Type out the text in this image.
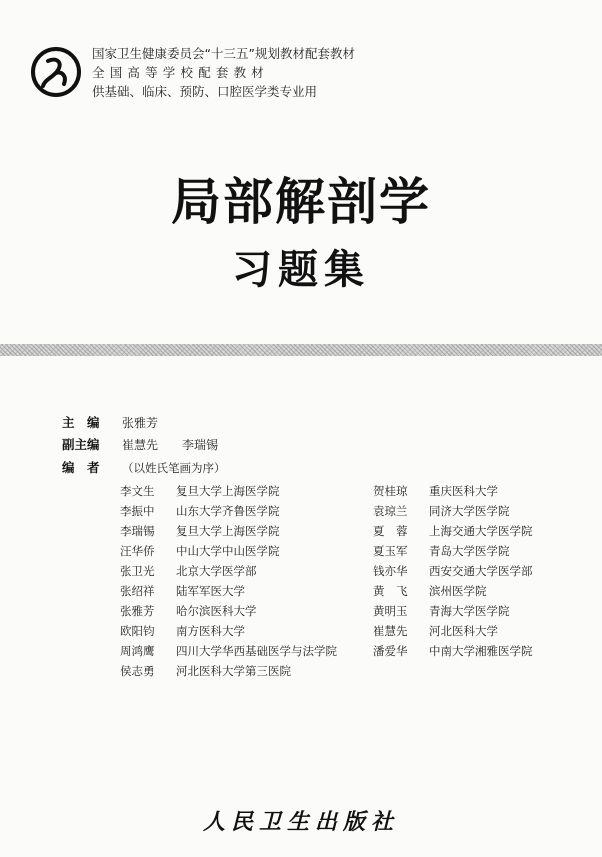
国家卫生健康委员会“十三五”规划教材配套教材
全国高等学校配套教材
供基础、临床、预防、口腔医学类专业用
局部解剖学
习题集
主　编 张雅芳
副主编 崔慧先 李瑞锡
编　者 （以姓氏笔画为序）
李文生 复旦大学上海医学院
李振中 山东大学齐鲁医学院
李瑞锡 复旦大学上海医学院
汪华侨 中山大学中山医学院
张卫光 北京大学医学部
张绍祥 陆军军医大学
张雅芳 哈尔滨医科大学
欧阳钧 南方医科大学
周鸿鹰 四川大学华西基础医学与法学院
侯志勇 河北医科大学第三医院
贺桂琼 重庆医科大学
袁琼兰 同济大学医学院
夏　蓉 上海交通大学医学院
夏玉军 青岛大学医学院
钱亦华 西安交通大学医学部
黄　飞 滨州医学院
黄明玉 青海大学医学院
崔慧先 河北医科大学
潘爱华 中南大学湘雅医学院
人民卫生出版社
